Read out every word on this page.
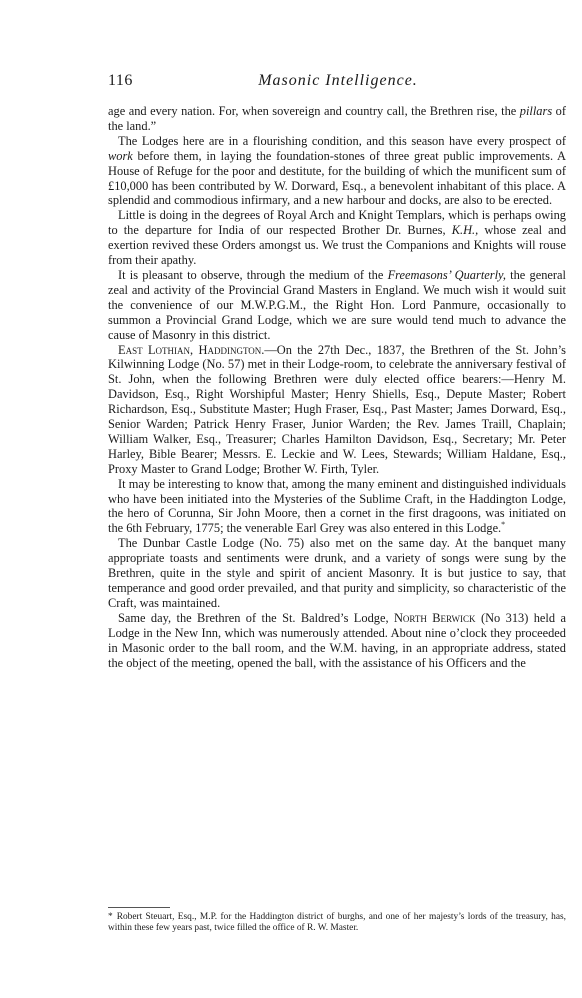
116	Masonic Intelligence.

age and every nation. For, when sovereign and country call, the Brethren rise, the pillars of the land.”

The Lodges here are in a flourishing condition, and this season have every prospect of work before them, in laying the foundation-stones of three great public improvements. A House of Refuge for the poor and destitute, for the building of which the munificent sum of £10,000 has been contributed by W. Dorward, Esq., a benevolent inhabitant of this place. A splendid and commodious infirmary, and a new harbour and docks, are also to be erected.

Little is doing in the degrees of Royal Arch and Knight Templars, which is perhaps owing to the departure for India of our respected Brother Dr. Burnes, K.H., whose zeal and exertion revived these Orders amongst us. We trust the Companions and Knights will rouse from their apathy.

It is pleasant to observe, through the medium of the Freemasons’ Quarterly, the general zeal and activity of the Provincial Grand Masters in England. We much wish it would suit the convenience of our M.W.P.G.M., the Right Hon. Lord Panmure, occasionally to summon a Provincial Grand Lodge, which we are sure would tend much to advance the cause of Masonry in this district.

East Lothian, Haddington.—On the 27th Dec., 1837, the Brethren of the St. John’s Kilwinning Lodge (No. 57) met in their Lodge-room, to celebrate the anniversary festival of St. John, when the following Brethren were duly elected office bearers:—Henry M. Davidson, Esq., Right Worshipful Master; Henry Shiells, Esq., Depute Master; Robert Richardson, Esq., Substitute Master; Hugh Fraser, Esq., Past Master; James Dorward, Esq., Senior Warden; Patrick Henry Fraser, Junior Warden; the Rev. James Traill, Chaplain; William Walker, Esq., Treasurer; Charles Hamilton Davidson, Esq., Secretary; Mr. Peter Harley, Bible Bearer; Messrs. E. Leckie and W. Lees, Stewards; William Haldane, Esq., Proxy Master to Grand Lodge; Brother W. Firth, Tyler.

It may be interesting to know that, among the many eminent and distinguished individuals who have been initiated into the Mysteries of the Sublime Craft, in the Haddington Lodge, the hero of Corunna, Sir John Moore, then a cornet in the first dragoons, was initiated on the 6th February, 1775; the venerable Earl Grey was also entered in this Lodge.*

The Dunbar Castle Lodge (No. 75) also met on the same day. At the banquet many appropriate toasts and sentiments were drunk, and a variety of songs were sung by the Brethren, quite in the style and spirit of ancient Masonry. It is but justice to say, that temperance and good order prevailed, and that purity and simplicity, so characteristic of the Craft, was maintained.

Same day, the Brethren of the St. Baldred’s Lodge, North Berwick (No 313) held a Lodge in the New Inn, which was numerously attended. About nine o’clock they proceeded in Masonic order to the ball room, and the W.M. having, in an appropriate address, stated the object of the meeting, opened the ball, with the assistance of his Officers and the

* Robert Steuart, Esq., M.P. for the Haddington district of burghs, and one of her majesty’s lords of the treasury, has, within these few years past, twice filled the office of R. W. Master.
